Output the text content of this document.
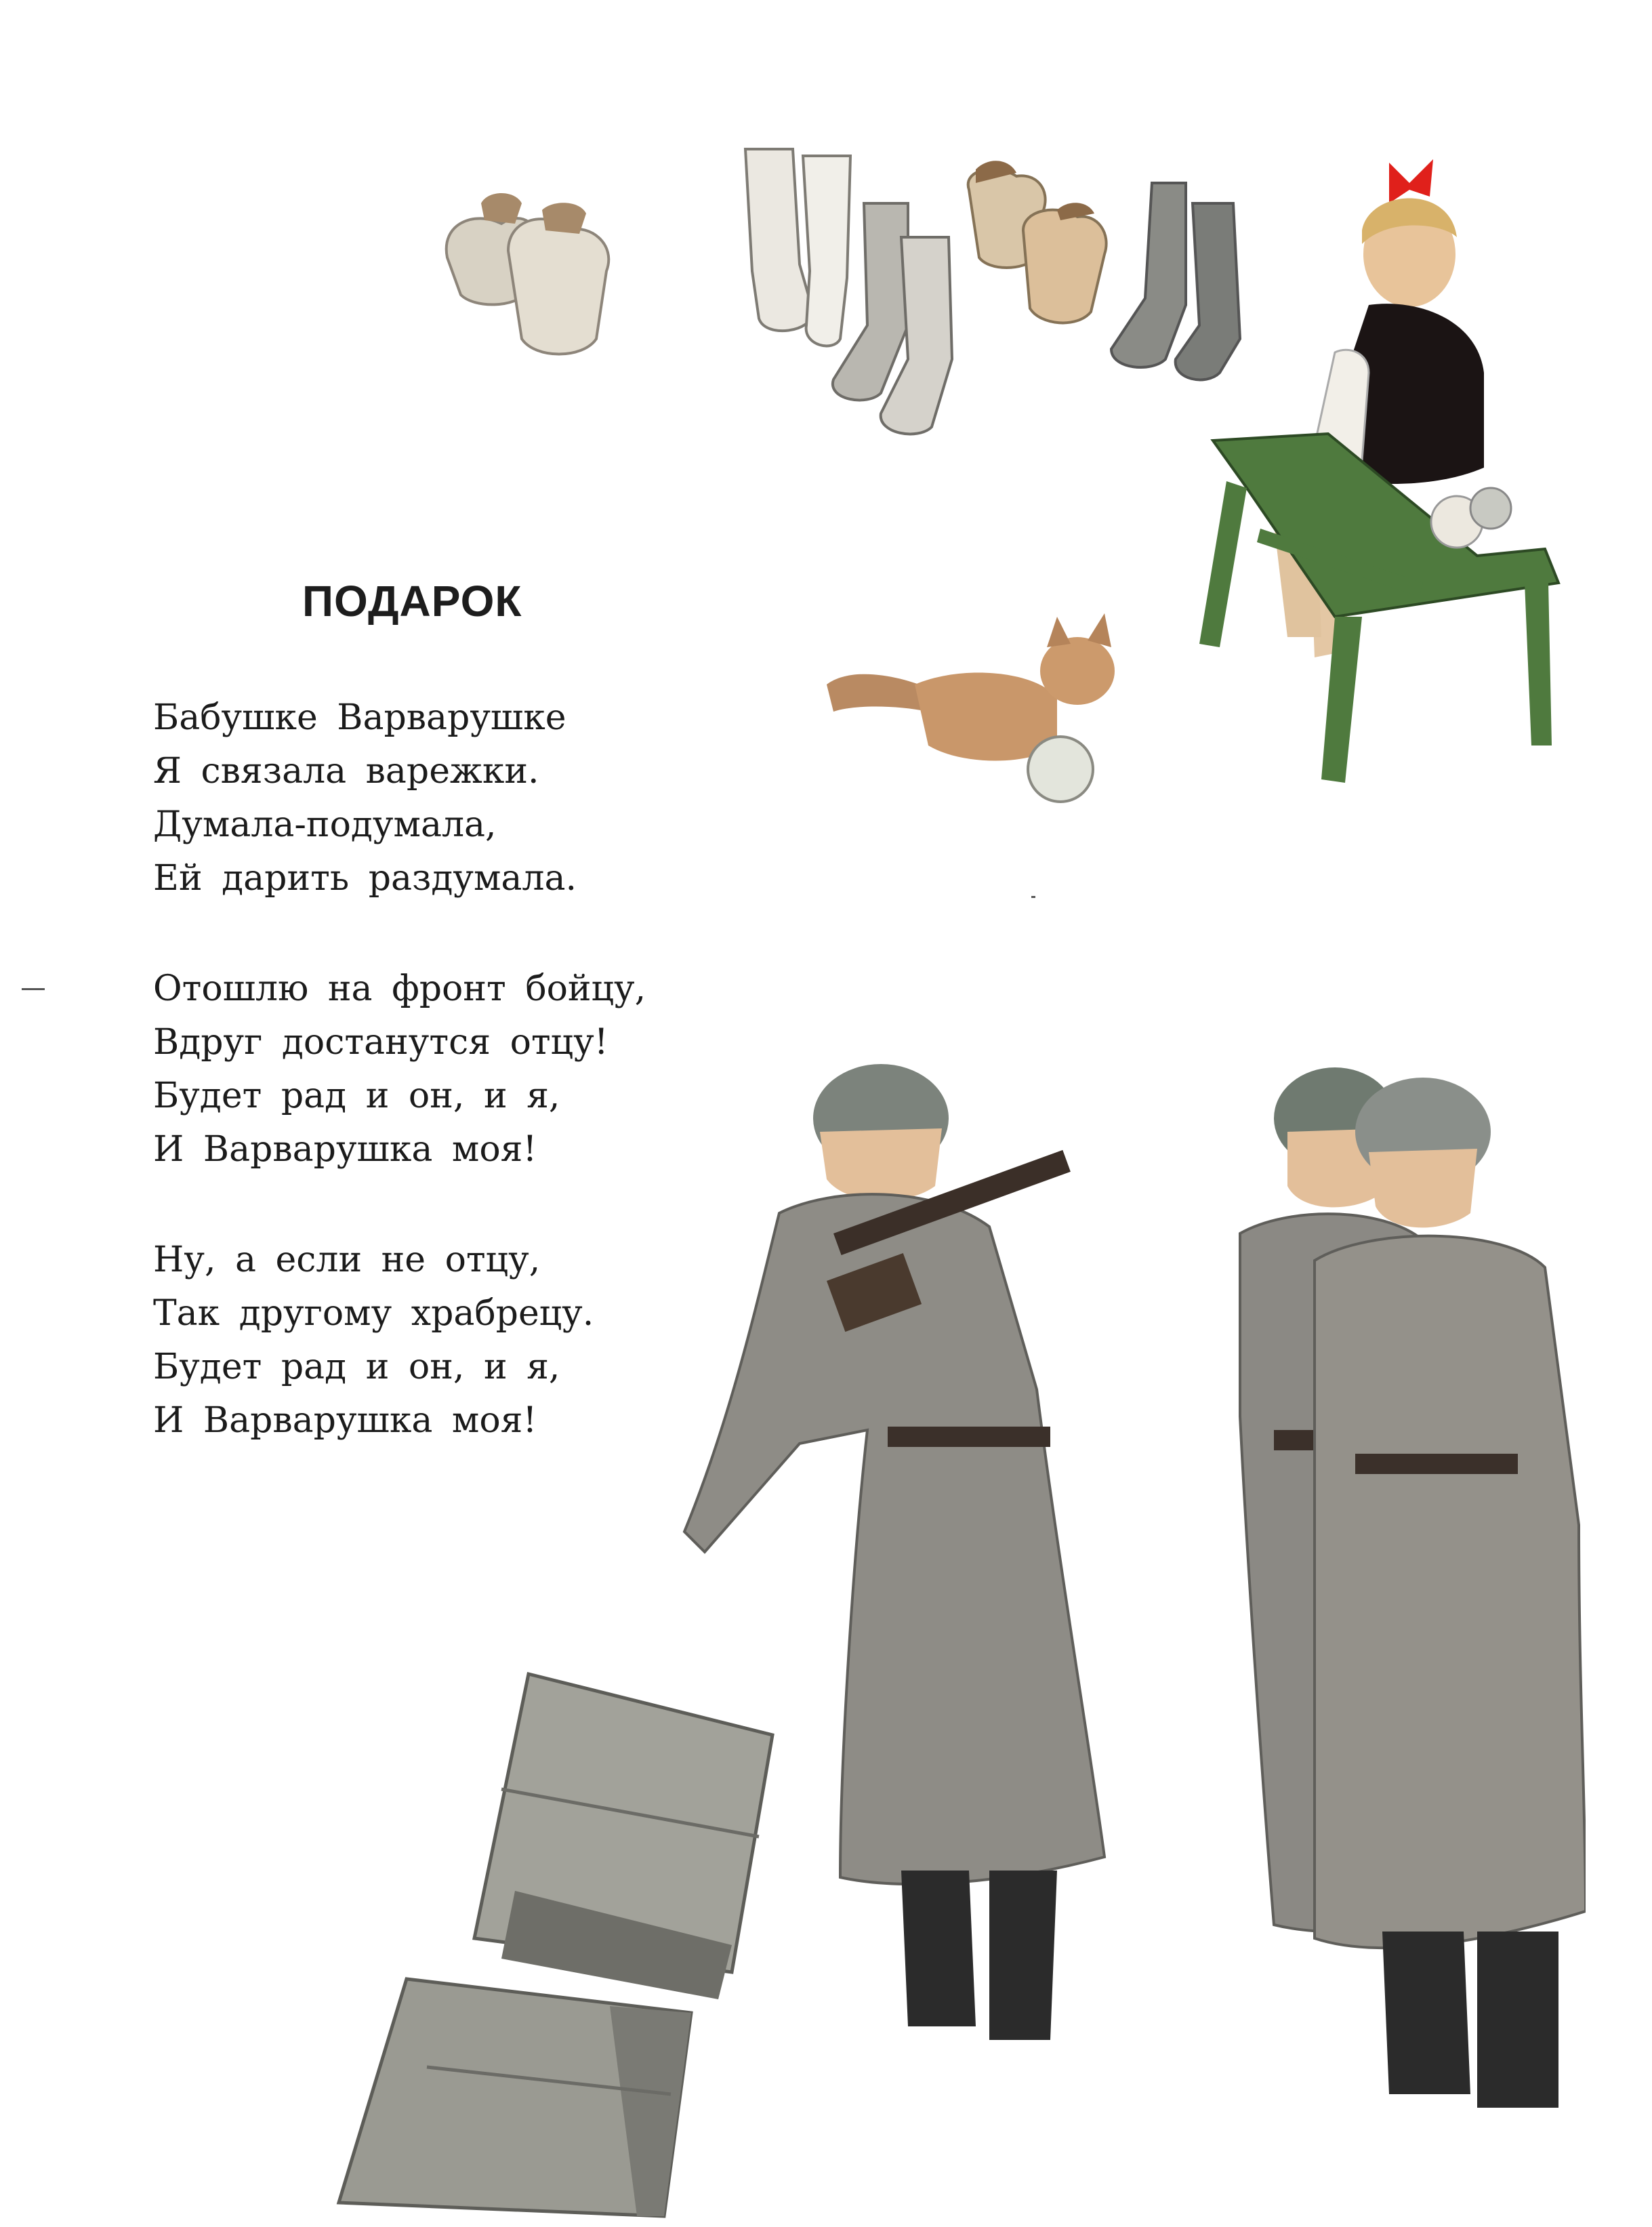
ПОДАРОК
Бабушке Варварушке
Я связала варежки.
Думала-подумала,
Ей дарить раздумала.
Отошлю на фронт бойцу,
Вдруг достанутся отцу!
Будет рад и он, и я,
И Варварушка моя!
Ну, а если не отцу,
Так другому храбрецу.
Будет рад и он, и я,
И Варварушка моя!
